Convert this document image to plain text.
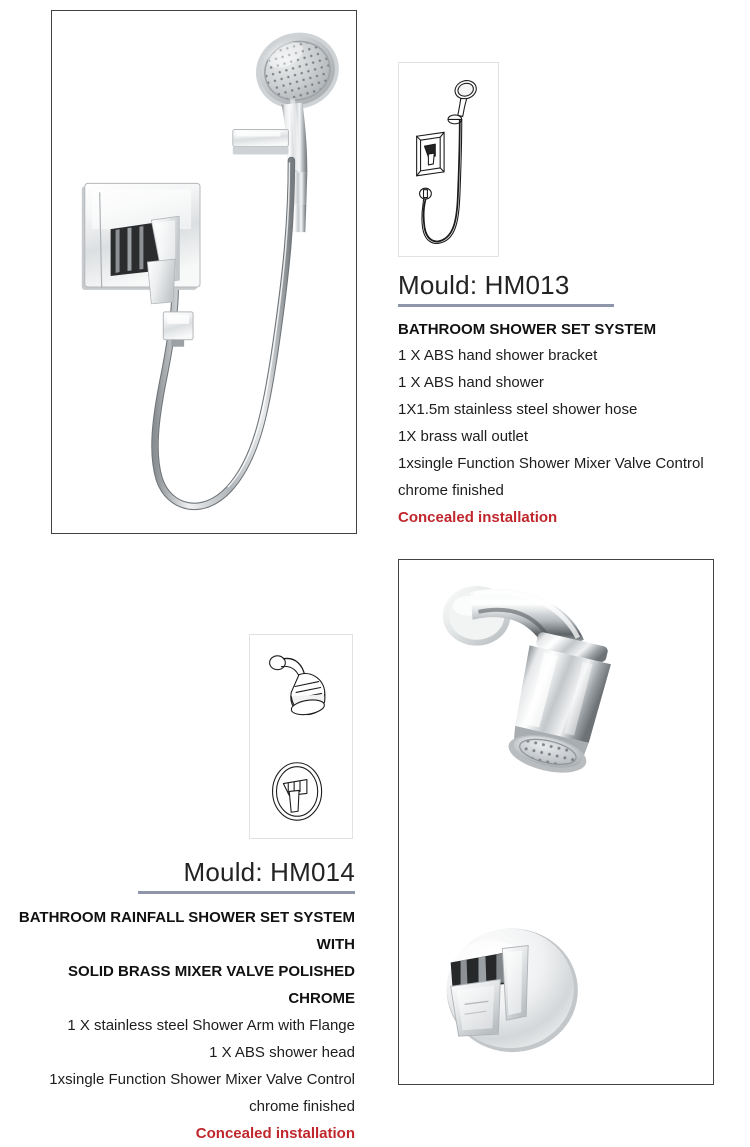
Mould: HM013
BATHROOM SHOWER SET SYSTEM
1 X ABS hand shower bracket
1 X ABS hand shower
1X1.5m stainless steel shower hose
1X brass wall outlet
1xsingle Function Shower Mixer Valve Control
chrome finished
Concealed installation
Mould: HM014
BATHROOM RAINFALL SHOWER SET SYSTEM WITH
SOLID BRASS MIXER VALVE POLISHED CHROME
1 X stainless steel Shower Arm with Flange
1 X ABS shower head
1xsingle Function Shower Mixer Valve Control
chrome finished
Concealed installation
